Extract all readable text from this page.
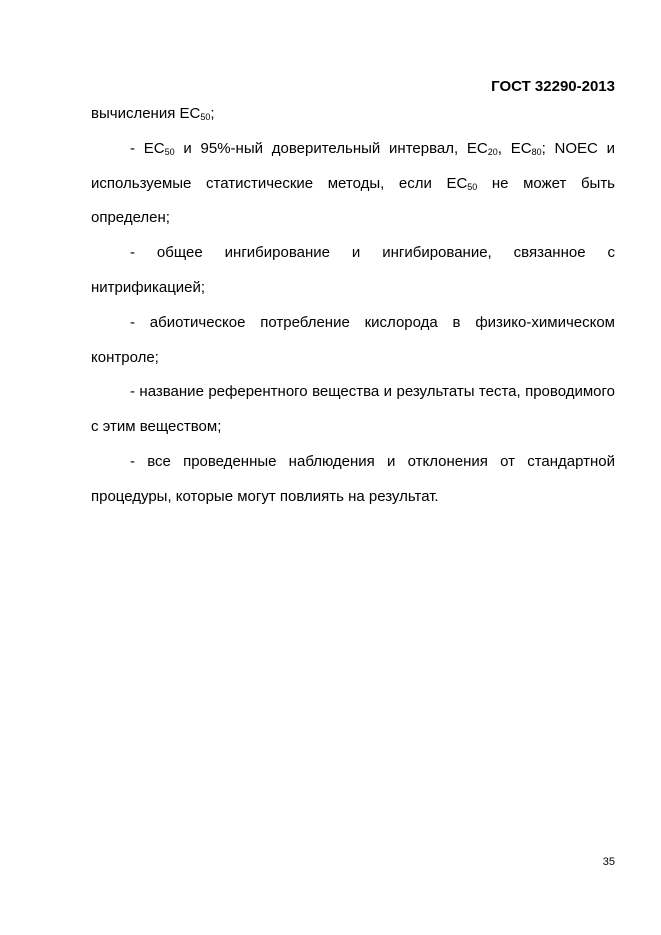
ГОСТ 32290-2013

вычисления $EC_{50}$;

- $EC_{50}$ и 95%-ный доверительный интервал, $EC_{20}$, $EC_{80}$; NOEC и используемые статистические методы, если $EC_{50}$ не может быть определен;

- общее ингибирование и ингибирование, связанное с нитрификацией;

- абиотическое потребление кислорода в физико-химическом контроле;

- название референтного вещества и результаты теста, проводимого с этим веществом;

- все проведенные наблюдения и отклонения от стандартной процедуры, которые могут повлиять на результат.

35
